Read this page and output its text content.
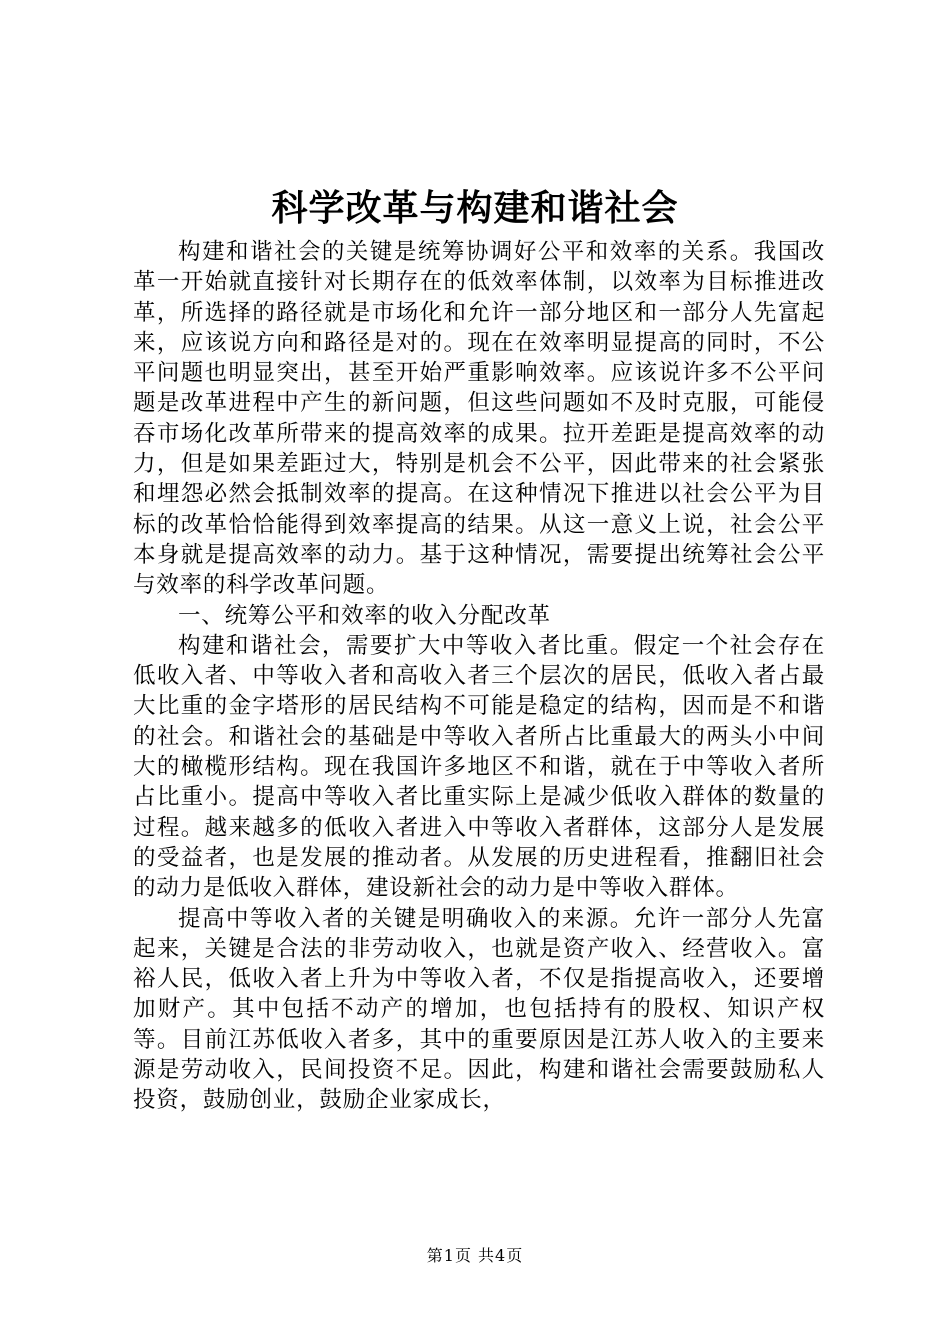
科学改革与构建和谐社会

构建和谐社会的关键是统筹协调好公平和效率的关系。我国改革一开始就直接针对长期存在的低效率体制，以效率为目标推进改革，所选择的路径就是市场化和允许一部分地区和一部分人先富起来，应该说方向和路径是对的。现在在效率明显提高的同时，不公平问题也明显突出，甚至开始严重影响效率。应该说许多不公平问题是改革进程中产生的新问题，但这些问题如不及时克服，可能侵吞市场化改革所带来的提高效率的成果。拉开差距是提高效率的动力，但是如果差距过大，特别是机会不公平，因此带来的社会紧张和埋怨必然会抵制效率的提高。在这种情况下推进以社会公平为目标的改革恰恰能得到效率提高的结果。从这一意义上说，社会公平本身就是提高效率的动力。基于这种情况，需要提出统筹社会公平与效率的科学改革问题。

一、统筹公平和效率的收入分配改革

构建和谐社会，需要扩大中等收入者比重。假定一个社会存在低收入者、中等收入者和高收入者三个层次的居民，低收入者占最大比重的金字塔形的居民结构不可能是稳定的结构，因而是不和谐的社会。和谐社会的基础是中等收入者所占比重最大的两头小中间大的橄榄形结构。现在我国许多地区不和谐，就在于中等收入者所占比重小。提高中等收入者比重实际上是减少低收入群体的数量的过程。越来越多的低收入者进入中等收入者群体，这部分人是发展的受益者，也是发展的推动者。从发展的历史进程看，推翻旧社会的动力是低收入群体，建设新社会的动力是中等收入群体。

提高中等收入者的关键是明确收入的来源。允许一部分人先富起来，关键是合法的非劳动收入，也就是资产收入、经营收入。富裕人民，低收入者上升为中等收入者，不仅是指提高收入，还要增加财产。其中包括不动产的增加，也包括持有的股权、知识产权等。目前江苏低收入者多，其中的重要原因是江苏人收入的主要来源是劳动收入，民间投资不足。因此，构建和谐社会需要鼓励私人投资，鼓励创业，鼓励企业家成长，

第1页 共4页
